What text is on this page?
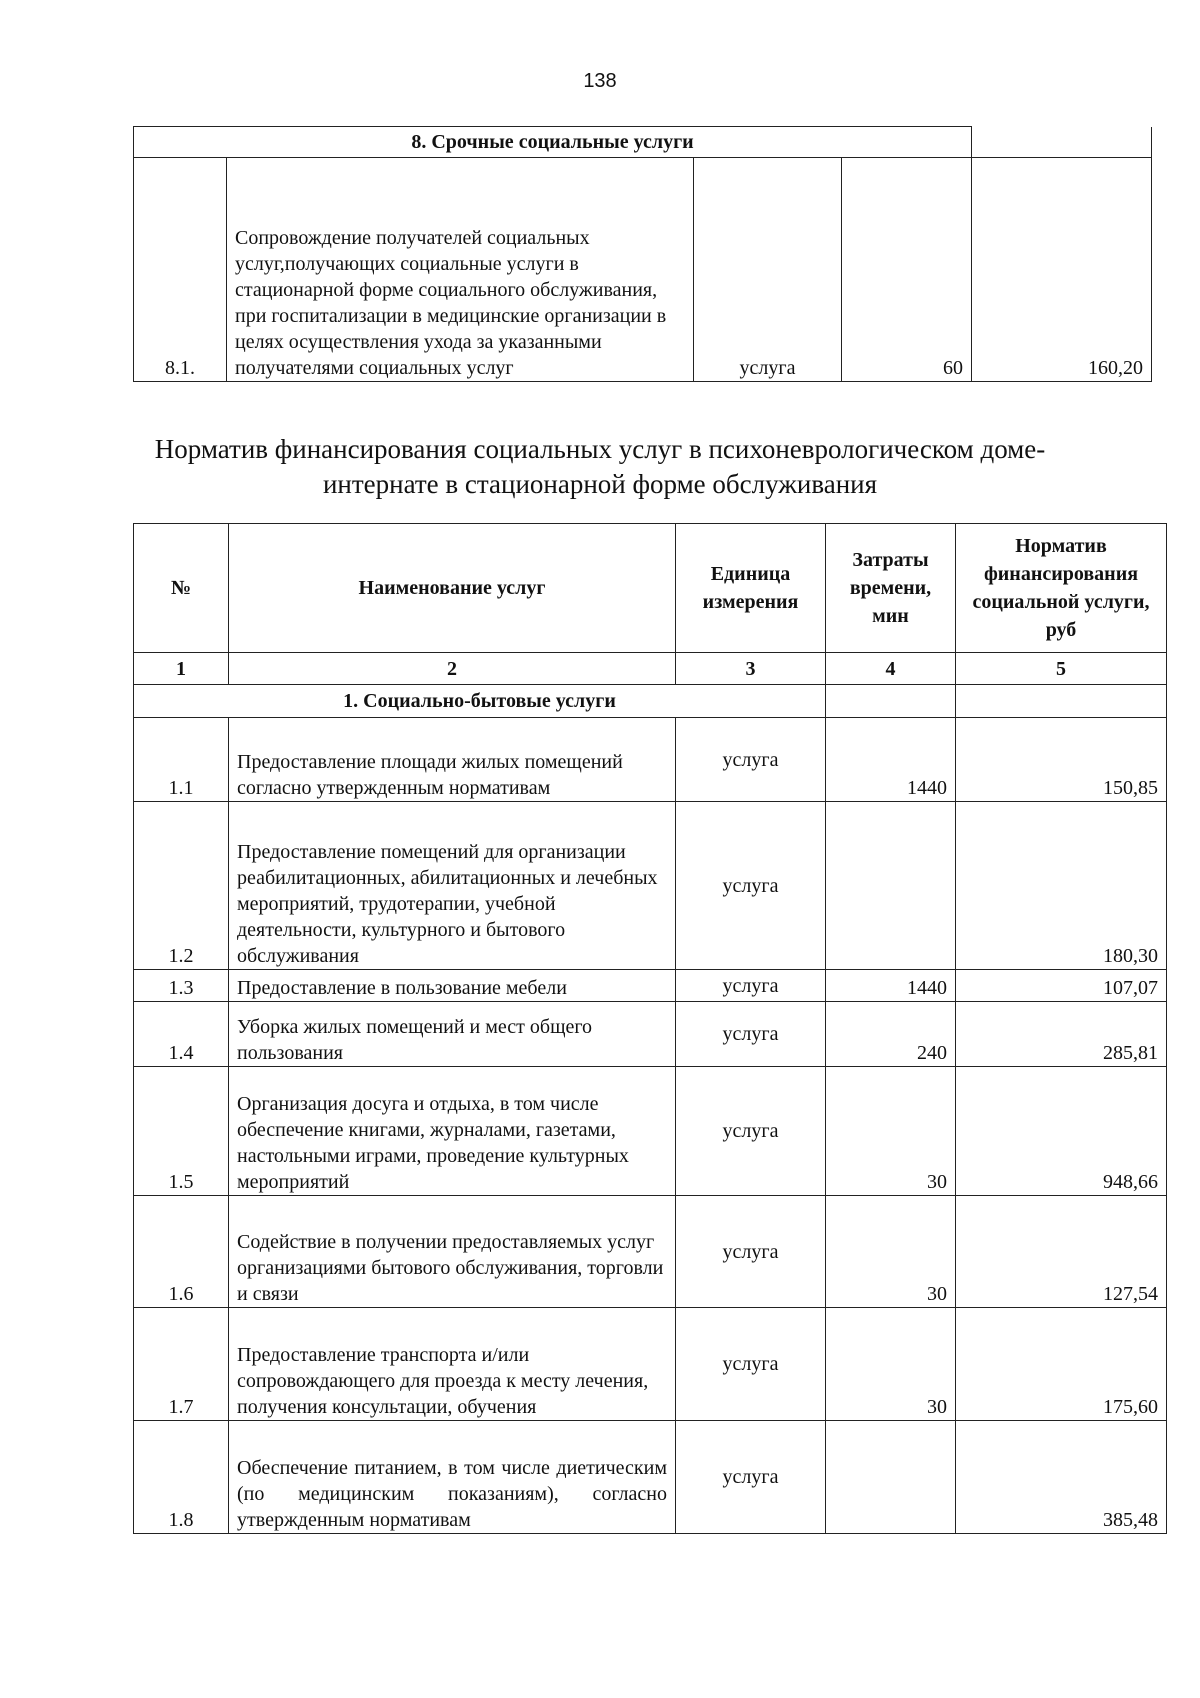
138
8. Срочные социальные услуги				
8.1.	Сопровождение получателей социальных услуг,получающих социальные услуги в стационарной форме социального обслуживания, при госпитализации в медицинские организации в целях осуществления ухода за указанными получателями социальных услуг	услуга	60	160,20
Норматив финансирования социальных услуг в психоневрологическом доме-интернате в стационарной форме обслуживания
№	Наименование услуг	Единица измерения	Затраты времени, мин	Норматив финансирования социальной услуги, руб
1	2	3	4	5
1. Социально-бытовые услуги				
1.1	Предоставление площади жилых помещений согласно утвержденным нормативам	услуга	1440	150,85
1.2	Предоставление помещений для организации реабилитационных, абилитационных и лечебных мероприятий, трудотерапии, учебной деятельности, культурного и бытового обслуживания	услуга		180,30
1.3	Предоставление в пользование мебели	услуга	1440	107,07
1.4	Уборка жилых помещений и мест общего пользования	услуга	240	285,81
1.5	Организация досуга и отдыха, в том числе обеспечение книгами, журналами, газетами, настольными играми, проведение культурных мероприятий	услуга	30	948,66
1.6	Содействие в получении предоставляемых услуг организациями бытового обслуживания, торговли и связи	услуга	30	127,54
1.7	Предоставление транспорта и/или сопровождающего для проезда к месту лечения, получения консультации, обучения	услуга	30	175,60
1.8	Обеспечение питанием, в том числе диетическим (по медицинским показаниям), согласно утвержденным нормативам	услуга		385,48
